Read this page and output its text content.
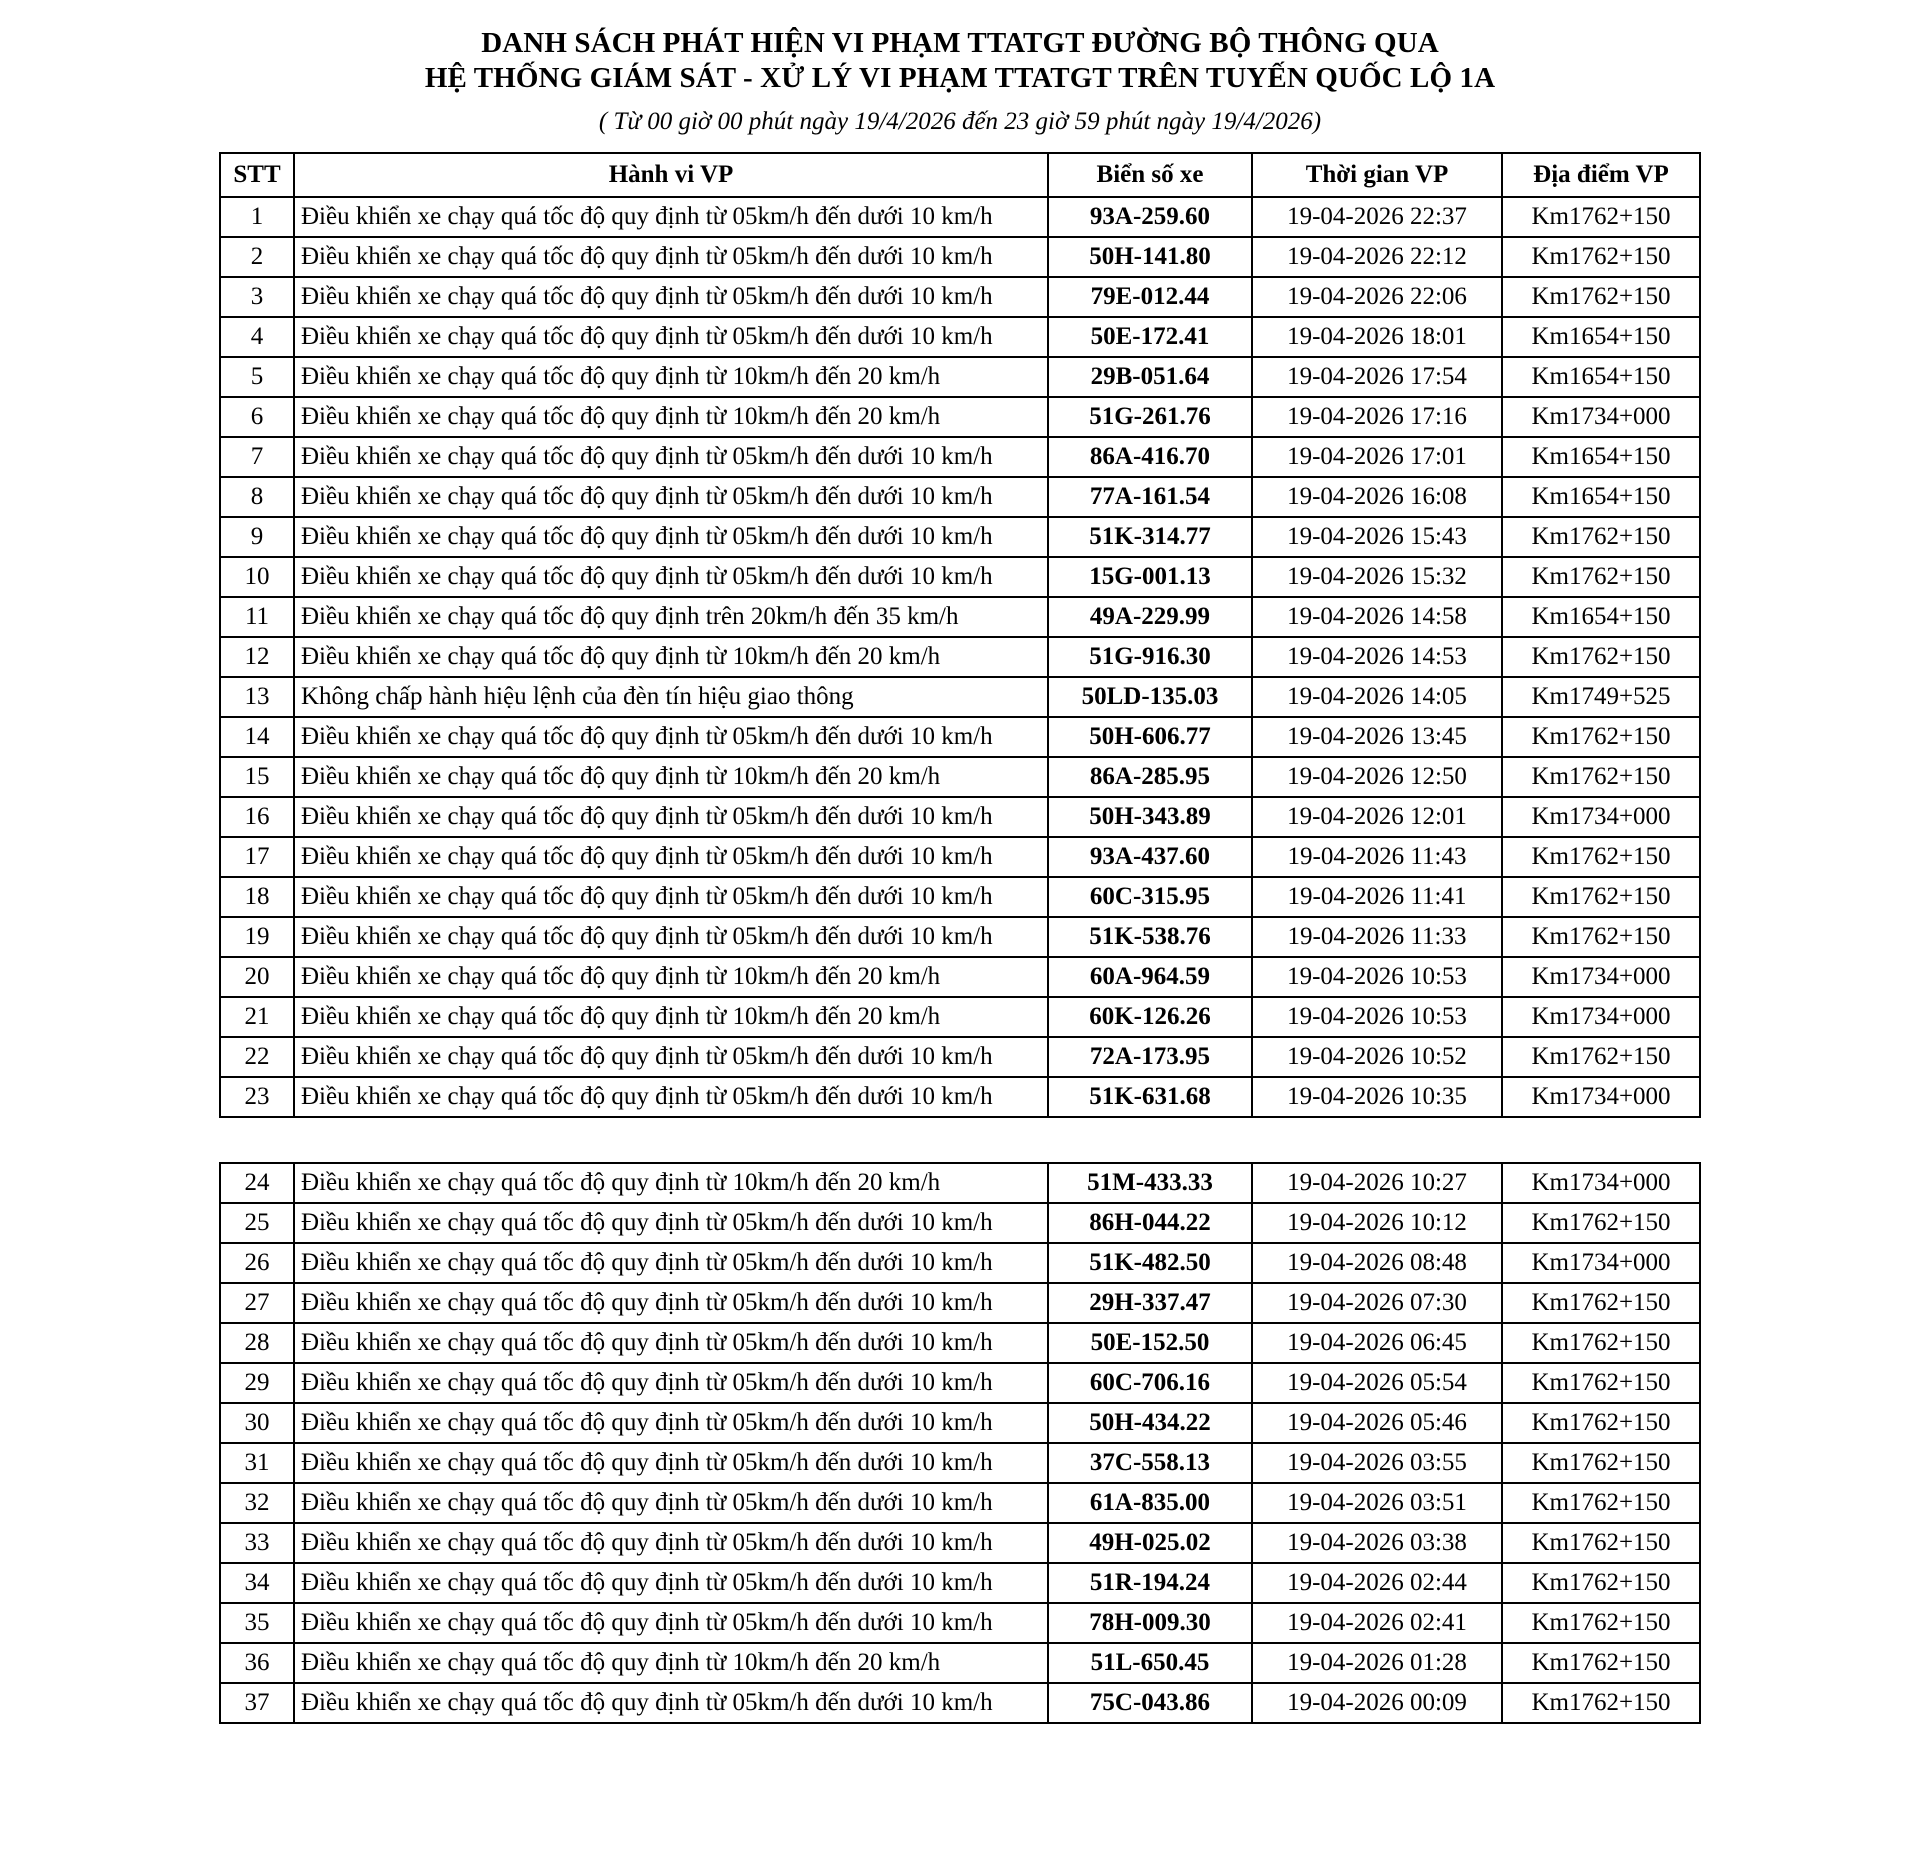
DANH SÁCH PHÁT HIỆN VI PHẠM TTATGT ĐƯỜNG BỘ THÔNG QUA
HỆ THỐNG GIÁM SÁT - XỬ LÝ VI PHẠM TTATGT TRÊN TUYẾN QUỐC LỘ 1A
( Từ 00 giờ 00 phút ngày 19/4/2026 đến 23 giờ 59 phút ngày 19/4/2026)
STT	Hành vi VP	Biển số xe	Thời gian VP	Địa điểm VP
1	Điều khiển xe chạy quá tốc độ quy định từ 05km/h đến dưới 10 km/h	93A-259.60	19-04-2026 22:37	Km1762+150
2	Điều khiển xe chạy quá tốc độ quy định từ 05km/h đến dưới 10 km/h	50H-141.80	19-04-2026 22:12	Km1762+150
3	Điều khiển xe chạy quá tốc độ quy định từ 05km/h đến dưới 10 km/h	79E-012.44	19-04-2026 22:06	Km1762+150
4	Điều khiển xe chạy quá tốc độ quy định từ 05km/h đến dưới 10 km/h	50E-172.41	19-04-2026 18:01	Km1654+150
5	Điều khiển xe chạy quá tốc độ quy định từ 10km/h đến 20 km/h	29B-051.64	19-04-2026 17:54	Km1654+150
6	Điều khiển xe chạy quá tốc độ quy định từ 10km/h đến 20 km/h	51G-261.76	19-04-2026 17:16	Km1734+000
7	Điều khiển xe chạy quá tốc độ quy định từ 05km/h đến dưới 10 km/h	86A-416.70	19-04-2026 17:01	Km1654+150
8	Điều khiển xe chạy quá tốc độ quy định từ 05km/h đến dưới 10 km/h	77A-161.54	19-04-2026 16:08	Km1654+150
9	Điều khiển xe chạy quá tốc độ quy định từ 05km/h đến dưới 10 km/h	51K-314.77	19-04-2026 15:43	Km1762+150
10	Điều khiển xe chạy quá tốc độ quy định từ 05km/h đến dưới 10 km/h	15G-001.13	19-04-2026 15:32	Km1762+150
11	Điều khiển xe chạy quá tốc độ quy định trên 20km/h đến 35 km/h	49A-229.99	19-04-2026 14:58	Km1654+150
12	Điều khiển xe chạy quá tốc độ quy định từ 10km/h đến 20 km/h	51G-916.30	19-04-2026 14:53	Km1762+150
13	Không chấp hành hiệu lệnh của đèn tín hiệu giao thông	50LD-135.03	19-04-2026 14:05	Km1749+525
14	Điều khiển xe chạy quá tốc độ quy định từ 05km/h đến dưới 10 km/h	50H-606.77	19-04-2026 13:45	Km1762+150
15	Điều khiển xe chạy quá tốc độ quy định từ 10km/h đến 20 km/h	86A-285.95	19-04-2026 12:50	Km1762+150
16	Điều khiển xe chạy quá tốc độ quy định từ 05km/h đến dưới 10 km/h	50H-343.89	19-04-2026 12:01	Km1734+000
17	Điều khiển xe chạy quá tốc độ quy định từ 05km/h đến dưới 10 km/h	93A-437.60	19-04-2026 11:43	Km1762+150
18	Điều khiển xe chạy quá tốc độ quy định từ 05km/h đến dưới 10 km/h	60C-315.95	19-04-2026 11:41	Km1762+150
19	Điều khiển xe chạy quá tốc độ quy định từ 05km/h đến dưới 10 km/h	51K-538.76	19-04-2026 11:33	Km1762+150
20	Điều khiển xe chạy quá tốc độ quy định từ 10km/h đến 20 km/h	60A-964.59	19-04-2026 10:53	Km1734+000
21	Điều khiển xe chạy quá tốc độ quy định từ 10km/h đến 20 km/h	60K-126.26	19-04-2026 10:53	Km1734+000
22	Điều khiển xe chạy quá tốc độ quy định từ 05km/h đến dưới 10 km/h	72A-173.95	19-04-2026 10:52	Km1762+150
23	Điều khiển xe chạy quá tốc độ quy định từ 05km/h đến dưới 10 km/h	51K-631.68	19-04-2026 10:35	Km1734+000
24	Điều khiển xe chạy quá tốc độ quy định từ 10km/h đến 20 km/h	51M-433.33	19-04-2026 10:27	Km1734+000
25	Điều khiển xe chạy quá tốc độ quy định từ 05km/h đến dưới 10 km/h	86H-044.22	19-04-2026 10:12	Km1762+150
26	Điều khiển xe chạy quá tốc độ quy định từ 05km/h đến dưới 10 km/h	51K-482.50	19-04-2026 08:48	Km1734+000
27	Điều khiển xe chạy quá tốc độ quy định từ 05km/h đến dưới 10 km/h	29H-337.47	19-04-2026 07:30	Km1762+150
28	Điều khiển xe chạy quá tốc độ quy định từ 05km/h đến dưới 10 km/h	50E-152.50	19-04-2026 06:45	Km1762+150
29	Điều khiển xe chạy quá tốc độ quy định từ 05km/h đến dưới 10 km/h	60C-706.16	19-04-2026 05:54	Km1762+150
30	Điều khiển xe chạy quá tốc độ quy định từ 05km/h đến dưới 10 km/h	50H-434.22	19-04-2026 05:46	Km1762+150
31	Điều khiển xe chạy quá tốc độ quy định từ 05km/h đến dưới 10 km/h	37C-558.13	19-04-2026 03:55	Km1762+150
32	Điều khiển xe chạy quá tốc độ quy định từ 05km/h đến dưới 10 km/h	61A-835.00	19-04-2026 03:51	Km1762+150
33	Điều khiển xe chạy quá tốc độ quy định từ 05km/h đến dưới 10 km/h	49H-025.02	19-04-2026 03:38	Km1762+150
34	Điều khiển xe chạy quá tốc độ quy định từ 05km/h đến dưới 10 km/h	51R-194.24	19-04-2026 02:44	Km1762+150
35	Điều khiển xe chạy quá tốc độ quy định từ 05km/h đến dưới 10 km/h	78H-009.30	19-04-2026 02:41	Km1762+150
36	Điều khiển xe chạy quá tốc độ quy định từ 10km/h đến 20 km/h	51L-650.45	19-04-2026 01:28	Km1762+150
37	Điều khiển xe chạy quá tốc độ quy định từ 05km/h đến dưới 10 km/h	75C-043.86	19-04-2026 00:09	Km1762+150
